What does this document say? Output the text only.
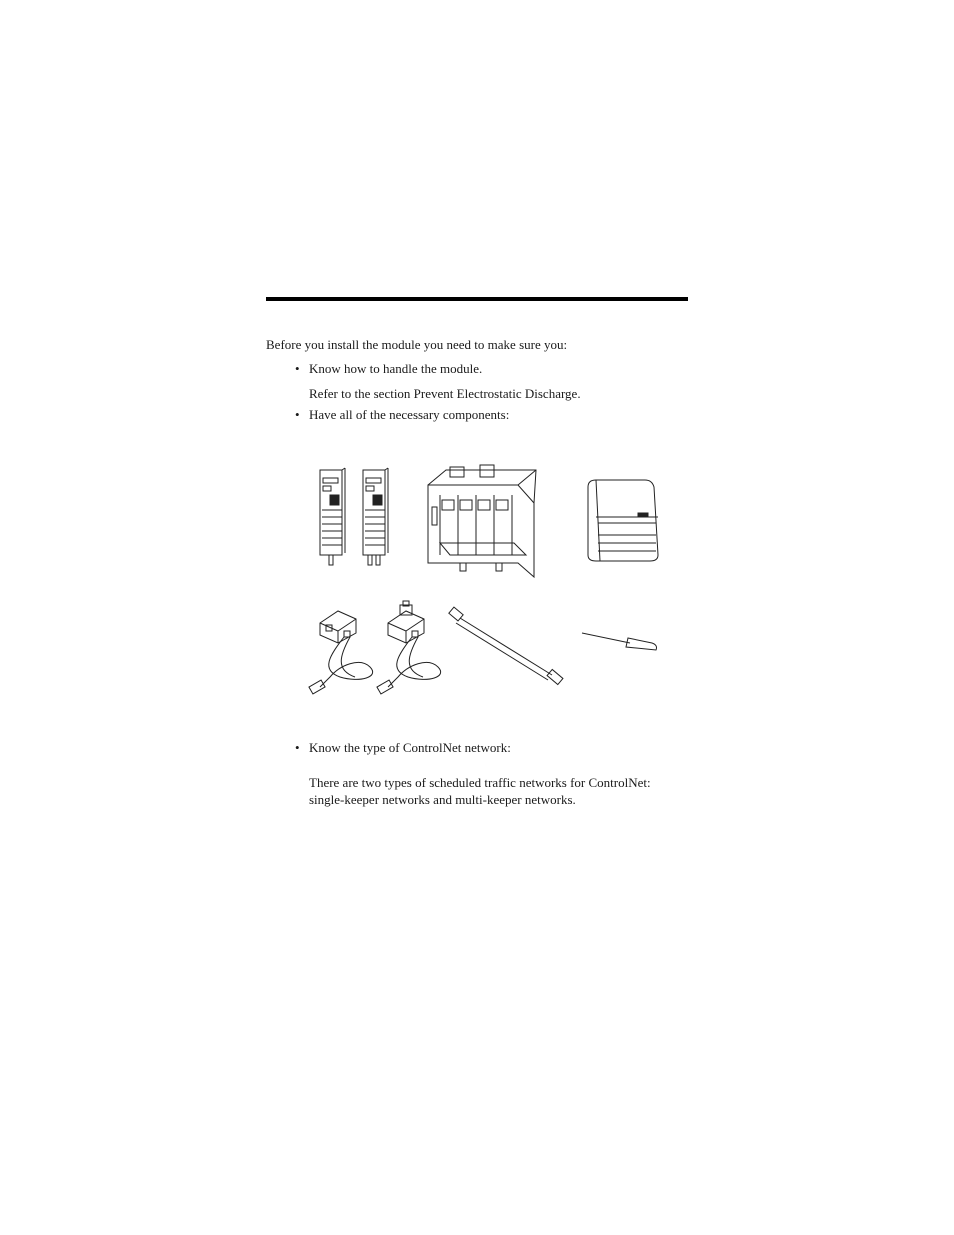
Before you install the module you need to make sure you:
• Know how to handle the module.
Refer to the section Prevent Electrostatic Discharge.
• Have all of the necessary components:
• Know the type of ControlNet network:
There are two types of scheduled traffic networks for ControlNet:
single-keeper networks and multi-keeper networks.
